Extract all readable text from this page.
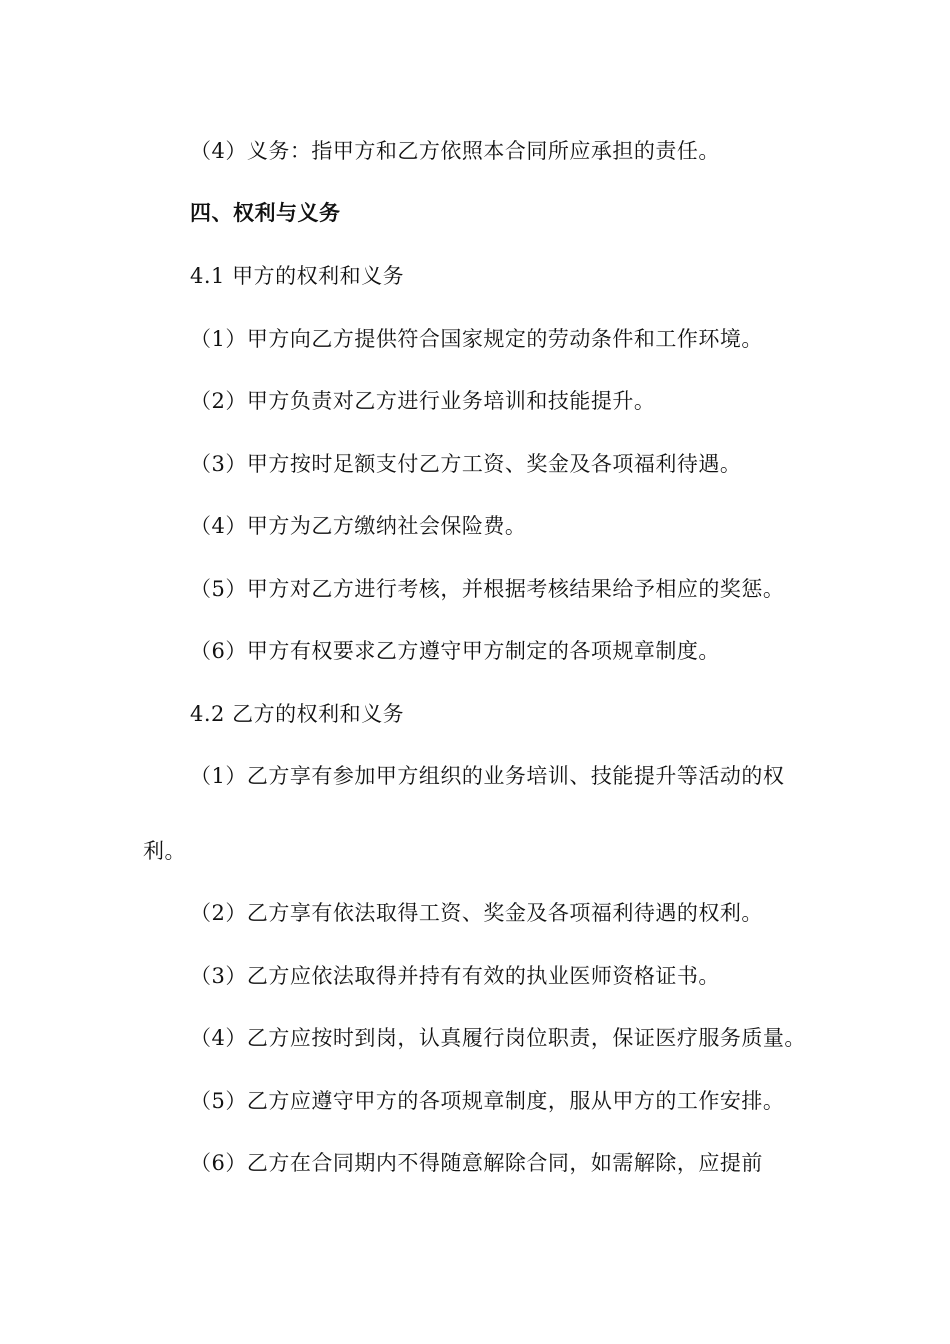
（4）义务：指甲方和乙方依照本合同所应承担的责任。
四、权利与义务
4.1 甲方的权利和义务
（1）甲方向乙方提供符合国家规定的劳动条件和工作环境。
（2）甲方负责对乙方进行业务培训和技能提升。
（3）甲方按时足额支付乙方工资、奖金及各项福利待遇。
（4）甲方为乙方缴纳社会保险费。
（5）甲方对乙方进行考核，并根据考核结果给予相应的奖惩。
（6）甲方有权要求乙方遵守甲方制定的各项规章制度。
4.2 乙方的权利和义务
（1）乙方享有参加甲方组织的业务培训、技能提升等活动的权
利。
（2）乙方享有依法取得工资、奖金及各项福利待遇的权利。
（3）乙方应依法取得并持有有效的执业医师资格证书。
（4）乙方应按时到岗，认真履行岗位职责，保证医疗服务质量。
（5）乙方应遵守甲方的各项规章制度，服从甲方的工作安排。
（6）乙方在合同期内不得随意解除合同，如需解除，应提前
